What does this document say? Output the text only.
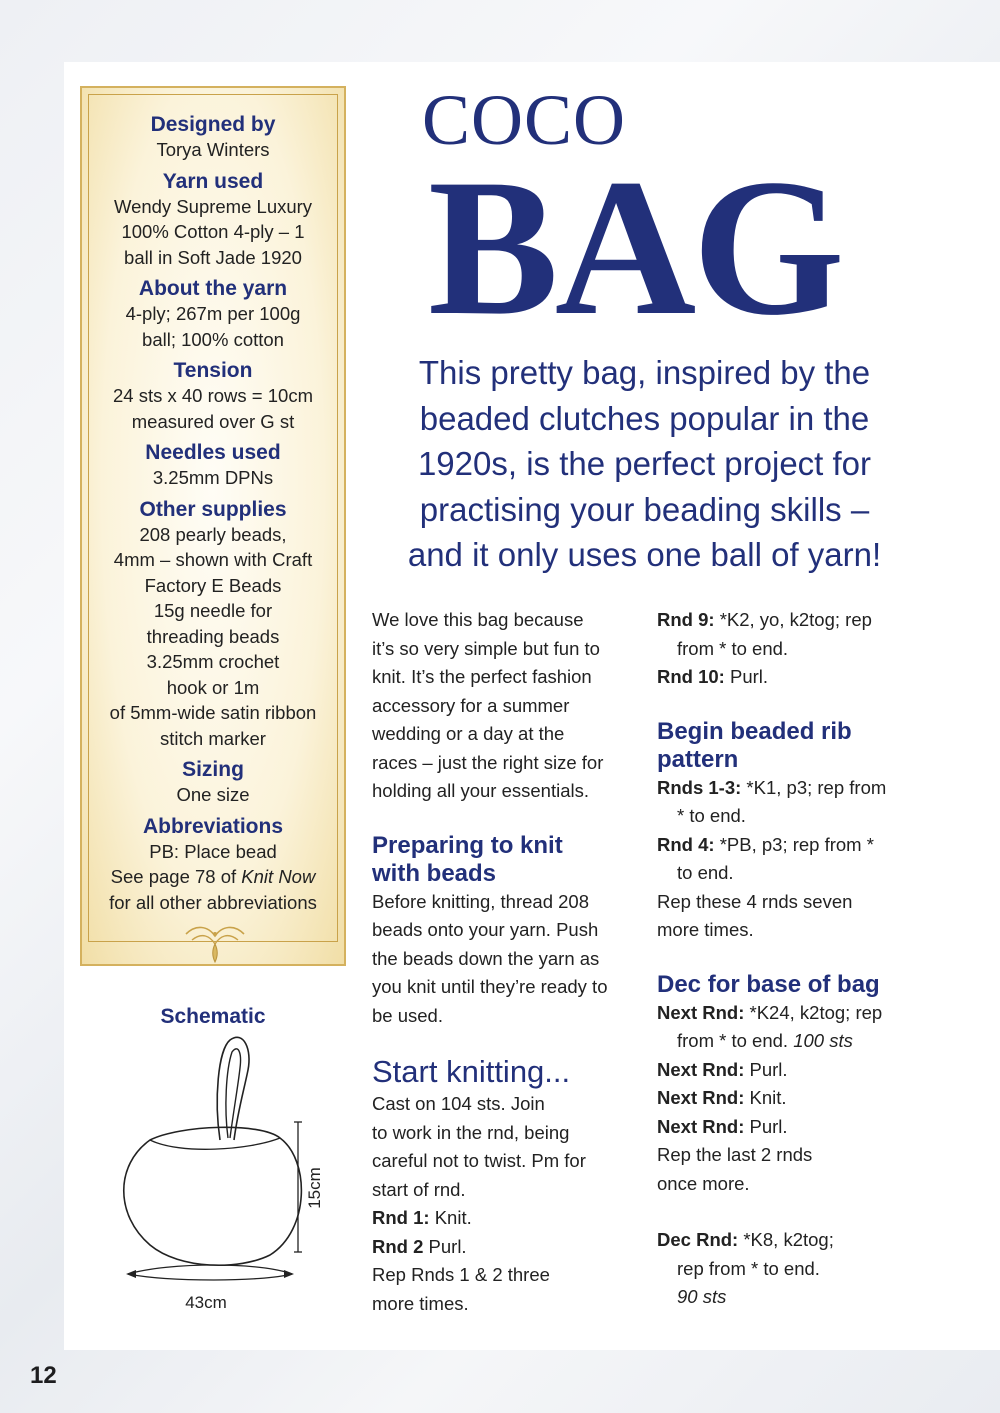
Designed by
Torya Winters
Yarn used
Wendy Supreme Luxury
100% Cotton 4-ply – 1
ball in Soft Jade 1920
About the yarn
4-ply; 267m per 100g
ball; 100% cotton
Tension
24 sts x 40 rows = 10cm
measured over G st
Needles used
3.25mm DPNs
Other supplies
208 pearly beads,
4mm – shown with Craft
Factory E Beads
15g needle for
threading beads
3.25mm crochet
hook or 1m
of 5mm-wide satin ribbon
stitch marker
Sizing
One size
Abbreviations
PB: Place bead
See page 78 of Knit Now
for all other abbreviations
Schematic
15cm
43cm
COCO
BAG
This pretty bag, inspired by the beaded clutches popular in the 1920s, is the perfect project for practising your beading skills – and it only uses one ball of yarn!

We love this bag because

it’s so very simple but fun to

knit. It’s the perfect fashion

accessory for a summer

wedding or a day at the

races – just the right size for

holding all your essentials.

Preparing to knit

with beads

Before knitting, thread 208

beads onto your yarn. Push

the beads down the yarn as

you knit until they’re ready to

be used.

Start knitting...

Cast on 104 sts. Join

to work in the rnd, being

careful not to twist. Pm for

start of rnd.

Rnd 1: Knit.

Rnd 2 Purl.

Rep Rnds 1 & 2 three

more times.

Rnd 9: *K2, yo, k2tog; rep

from * to end.

Rnd 10: Purl.

Begin beaded rib

pattern

Rnds 1-3: *K1, p3; rep from

* to end.

Rnd 4: *PB, p3; rep from *

to end.

Rep these 4 rnds seven

more times.

Dec for base of bag

Next Rnd: *K24, k2tog; rep

from * to end. 100 sts

Next Rnd: Purl.

Next Rnd: Knit.

Next Rnd: Purl.

Rep the last 2 rnds

once more.

Dec Rnd: *K8, k2tog;

rep from * to end.

90 sts

12
